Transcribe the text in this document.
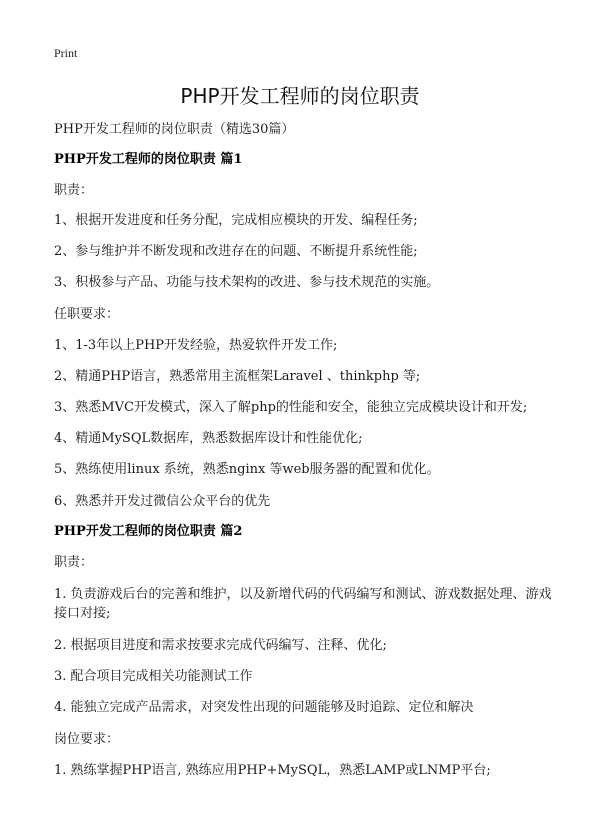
Print
PHP开发工程师的岗位职责
PHP开发工程师的岗位职责（精选30篇）
PHP开发工程师的岗位职责 篇1
职责：
1、根据开发进度和任务分配，完成相应模块的开发、编程任务;
2、参与维护并不断发现和改进存在的问题、不断提升系统性能;
3、积极参与产品、功能与技术架构的改进、参与技术规范的实施。
任职要求：
1、1-3年以上PHP开发经验，热爱软件开发工作;
2、精通PHP语言，熟悉常用主流框架Laravel 、thinkphp 等;
3、熟悉MVC开发模式，深入了解php的性能和安全，能独立完成模块设计和开发;
4、精通MySQL数据库，熟悉数据库设计和性能优化;
5、熟练使用linux 系统，熟悉nginx 等web服务器的配置和优化。
6、熟悉并开发过微信公众平台的优先
PHP开发工程师的岗位职责 篇2
职责：
1. 负责游戏后台的完善和维护，以及新增代码的代码编写和测试、游戏数据处理、游戏接口对接;
2. 根据项目进度和需求按要求完成代码编写、注释、优化;
3. 配合项目完成相关功能测试工作
4. 能独立完成产品需求，对突发性出现的问题能够及时追踪、定位和解决
岗位要求：
1. 熟练掌握PHP语言, 熟练应用PHP+MySQL，熟悉LAMP或LNMP平台;
